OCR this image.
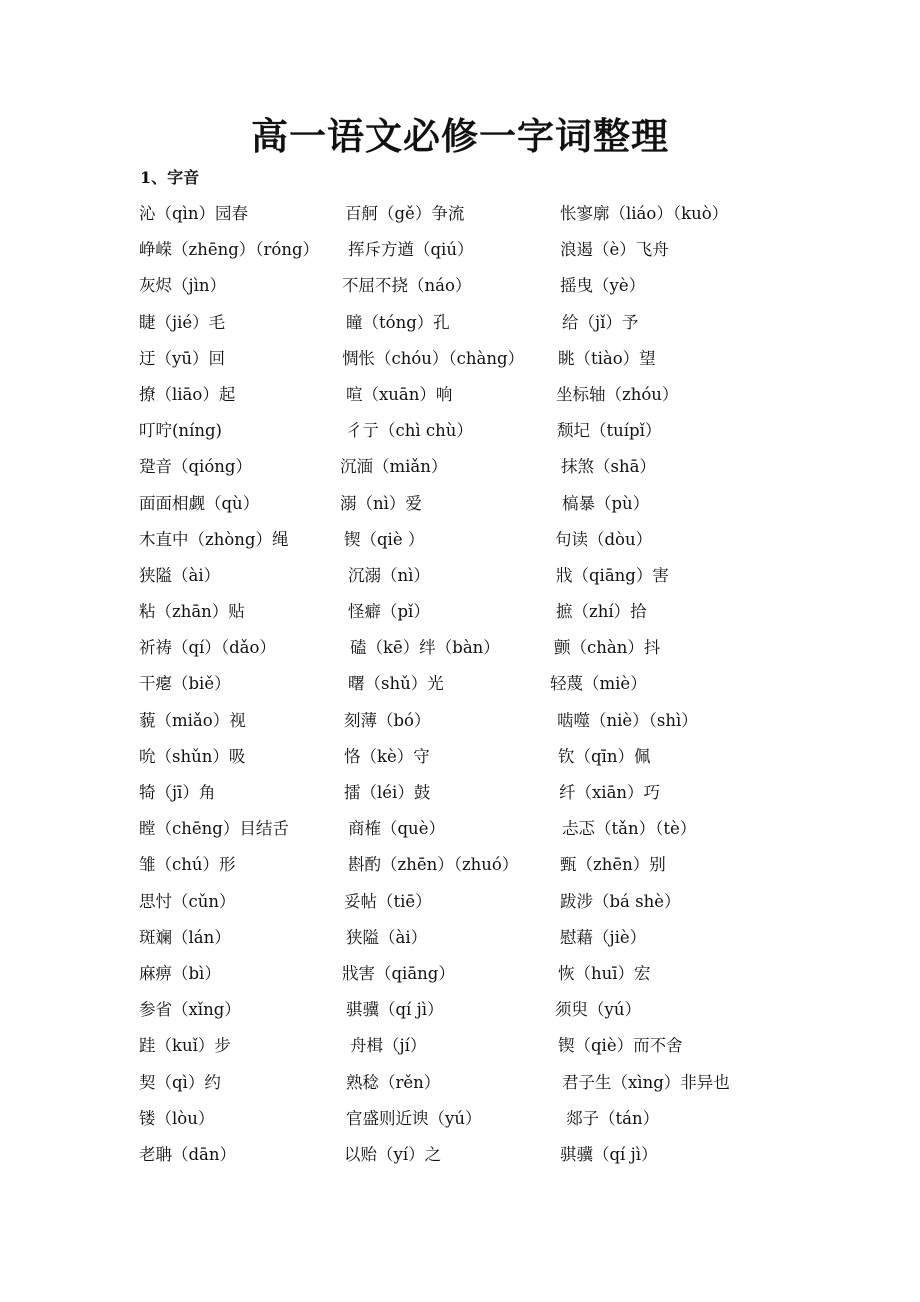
高一语文必修一字词整理
1、字音
沁（qìn）园春	百舸（gě）争流	怅寥廓（liáo）（kuò）
峥嵘（zhēng）（róng） 挥斥方遒（qiú）	浪遏（è）飞舟
灰烬（jìn）	不屈不挠（náo）	摇曳（yè）
睫（jié）毛	瞳（tóng）孔	给（jǐ）予
迂（yū）回	惆怅（chóu）（chàng） 眺（tiào）望
撩（liāo）起	喧（xuān）响	坐标轴（zhóu）
叮咛(níng)	彳亍（chì chù）	颓圮（tuípǐ）
跫音（qióng）	沉湎（miǎn）	抹煞（shā）
面面相觑（qù）	溺（nì）爱	槁暴（pù）
木直中（zhòng）绳	锲（qiè ）	句读（dòu）
狭隘（ài）	沉溺（nì）	戕（qiāng）害
粘（zhān）贴	怪癖（pǐ）	摭（zhí）拾
祈祷（qí）（dǎo）	磕（kē）绊（bàn）	颤（chàn）抖
干瘪（biě）	曙（shǔ）光	轻蔑（miè）
藐（miǎo）视	刻薄（bó）	啮噬（niè）（shì）
吮（shǔn）吸	恪（kè）守	钦（qīn）佩
犄（jī）角	擂（léi）鼓	纤（xiān）巧
瞠（chēng）目结舌	商榷（què）	忐忑（tǎn）（tè）
雏（chú）形	斟酌（zhēn）（zhuó）	甄（zhēn）别
思忖（cǔn）	妥帖（tiē）	跋涉（bá shè）
斑斓（lán）	狭隘（ài）	慰藉（jiè）
麻痹（bì）	戕害（qiāng）	恢（huī）宏
参省（xǐng）	骐骥（qí jì）	须臾（yú）
跬（kuǐ）步	舟楫（jí）	锲（qiè）而不舍
契（qì）约	熟稔（rěn）	君子生（xìng）非异也
镂（lòu）	官盛则近谀（yú）	郯子（tán）
老聃（dān）	以贻（yí）之	骐骥（qí jì）
